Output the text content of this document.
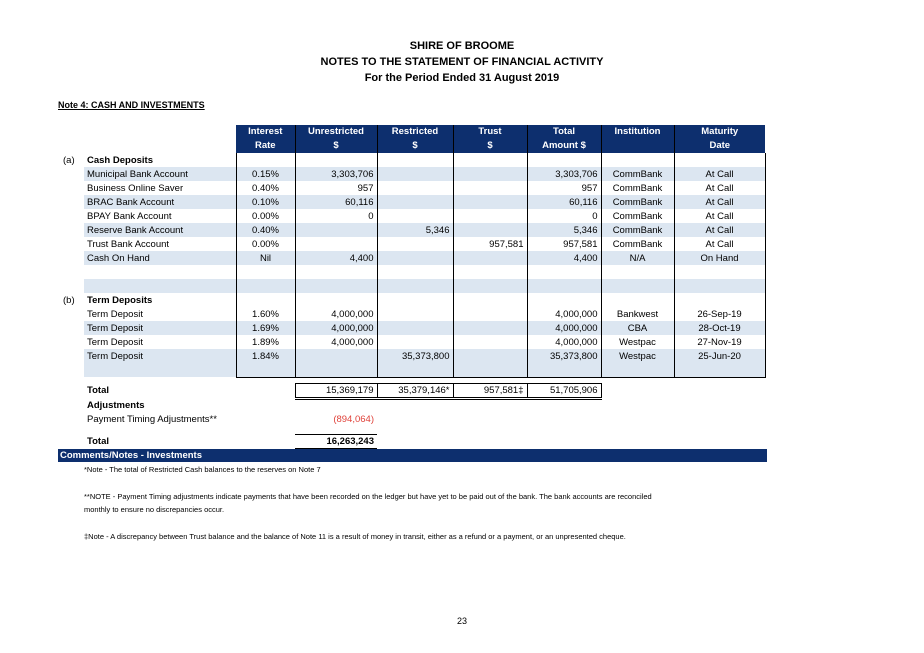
SHIRE OF BROOME
NOTES TO THE STATEMENT OF FINANCIAL ACTIVITY
For the Period Ended 31 August 2019
Note 4: CASH AND INVESTMENTS
		Interest	Unrestricted	Restricted	Trust	Total	Institution	Maturity
		Rate	$	$	$	Amount $		Date
(a)	Cash Deposits							
	Municipal Bank Account	0.15%	3,303,706			3,303,706	CommBank	At Call
	Business Online Saver	0.40%	957			957	CommBank	At Call
	BRAC Bank Account	0.10%	60,116			60,116	CommBank	At Call
	BPAY Bank Account	0.00%	0			0	CommBank	At Call
	Reserve Bank Account	0.40%		5,346		5,346	CommBank	At Call
	Trust Bank Account	0.00%			957,581	957,581	CommBank	At Call
	Cash On Hand	Nil	4,400			4,400	N/A	On Hand

(b)	Term Deposits							
	Term Deposit	1.60%	4,000,000			4,000,000	Bankwest	26-Sep-19
	Term Deposit	1.69%	4,000,000			4,000,000	CBA	28-Oct-19
	Term Deposit	1.89%	4,000,000			4,000,000	Westpac	27-Nov-19
	Term Deposit	1.84%		35,373,800		35,373,800	Westpac	25-Jun-20

	Total		15,369,179	35,379,146*	957,581‡	51,705,906		
	Adjustments							
	Payment Timing Adjustments**		(894,064)					

	Total		16,263,243					
Comments/Notes - Investments
*Note - The total of Restricted Cash balances to the reserves on Note 7
**NOTE - Payment Timing adjustments indicate payments that have been recorded on the ledger but have yet to be paid out of the bank. The bank accounts are reconciled monthly to ensure no discrepancies occur.
‡Note - A discrepancy between Trust balance and the balance of Note 11 is a result of money in transit, either as a refund or a payment, or an unpresented cheque.
23
